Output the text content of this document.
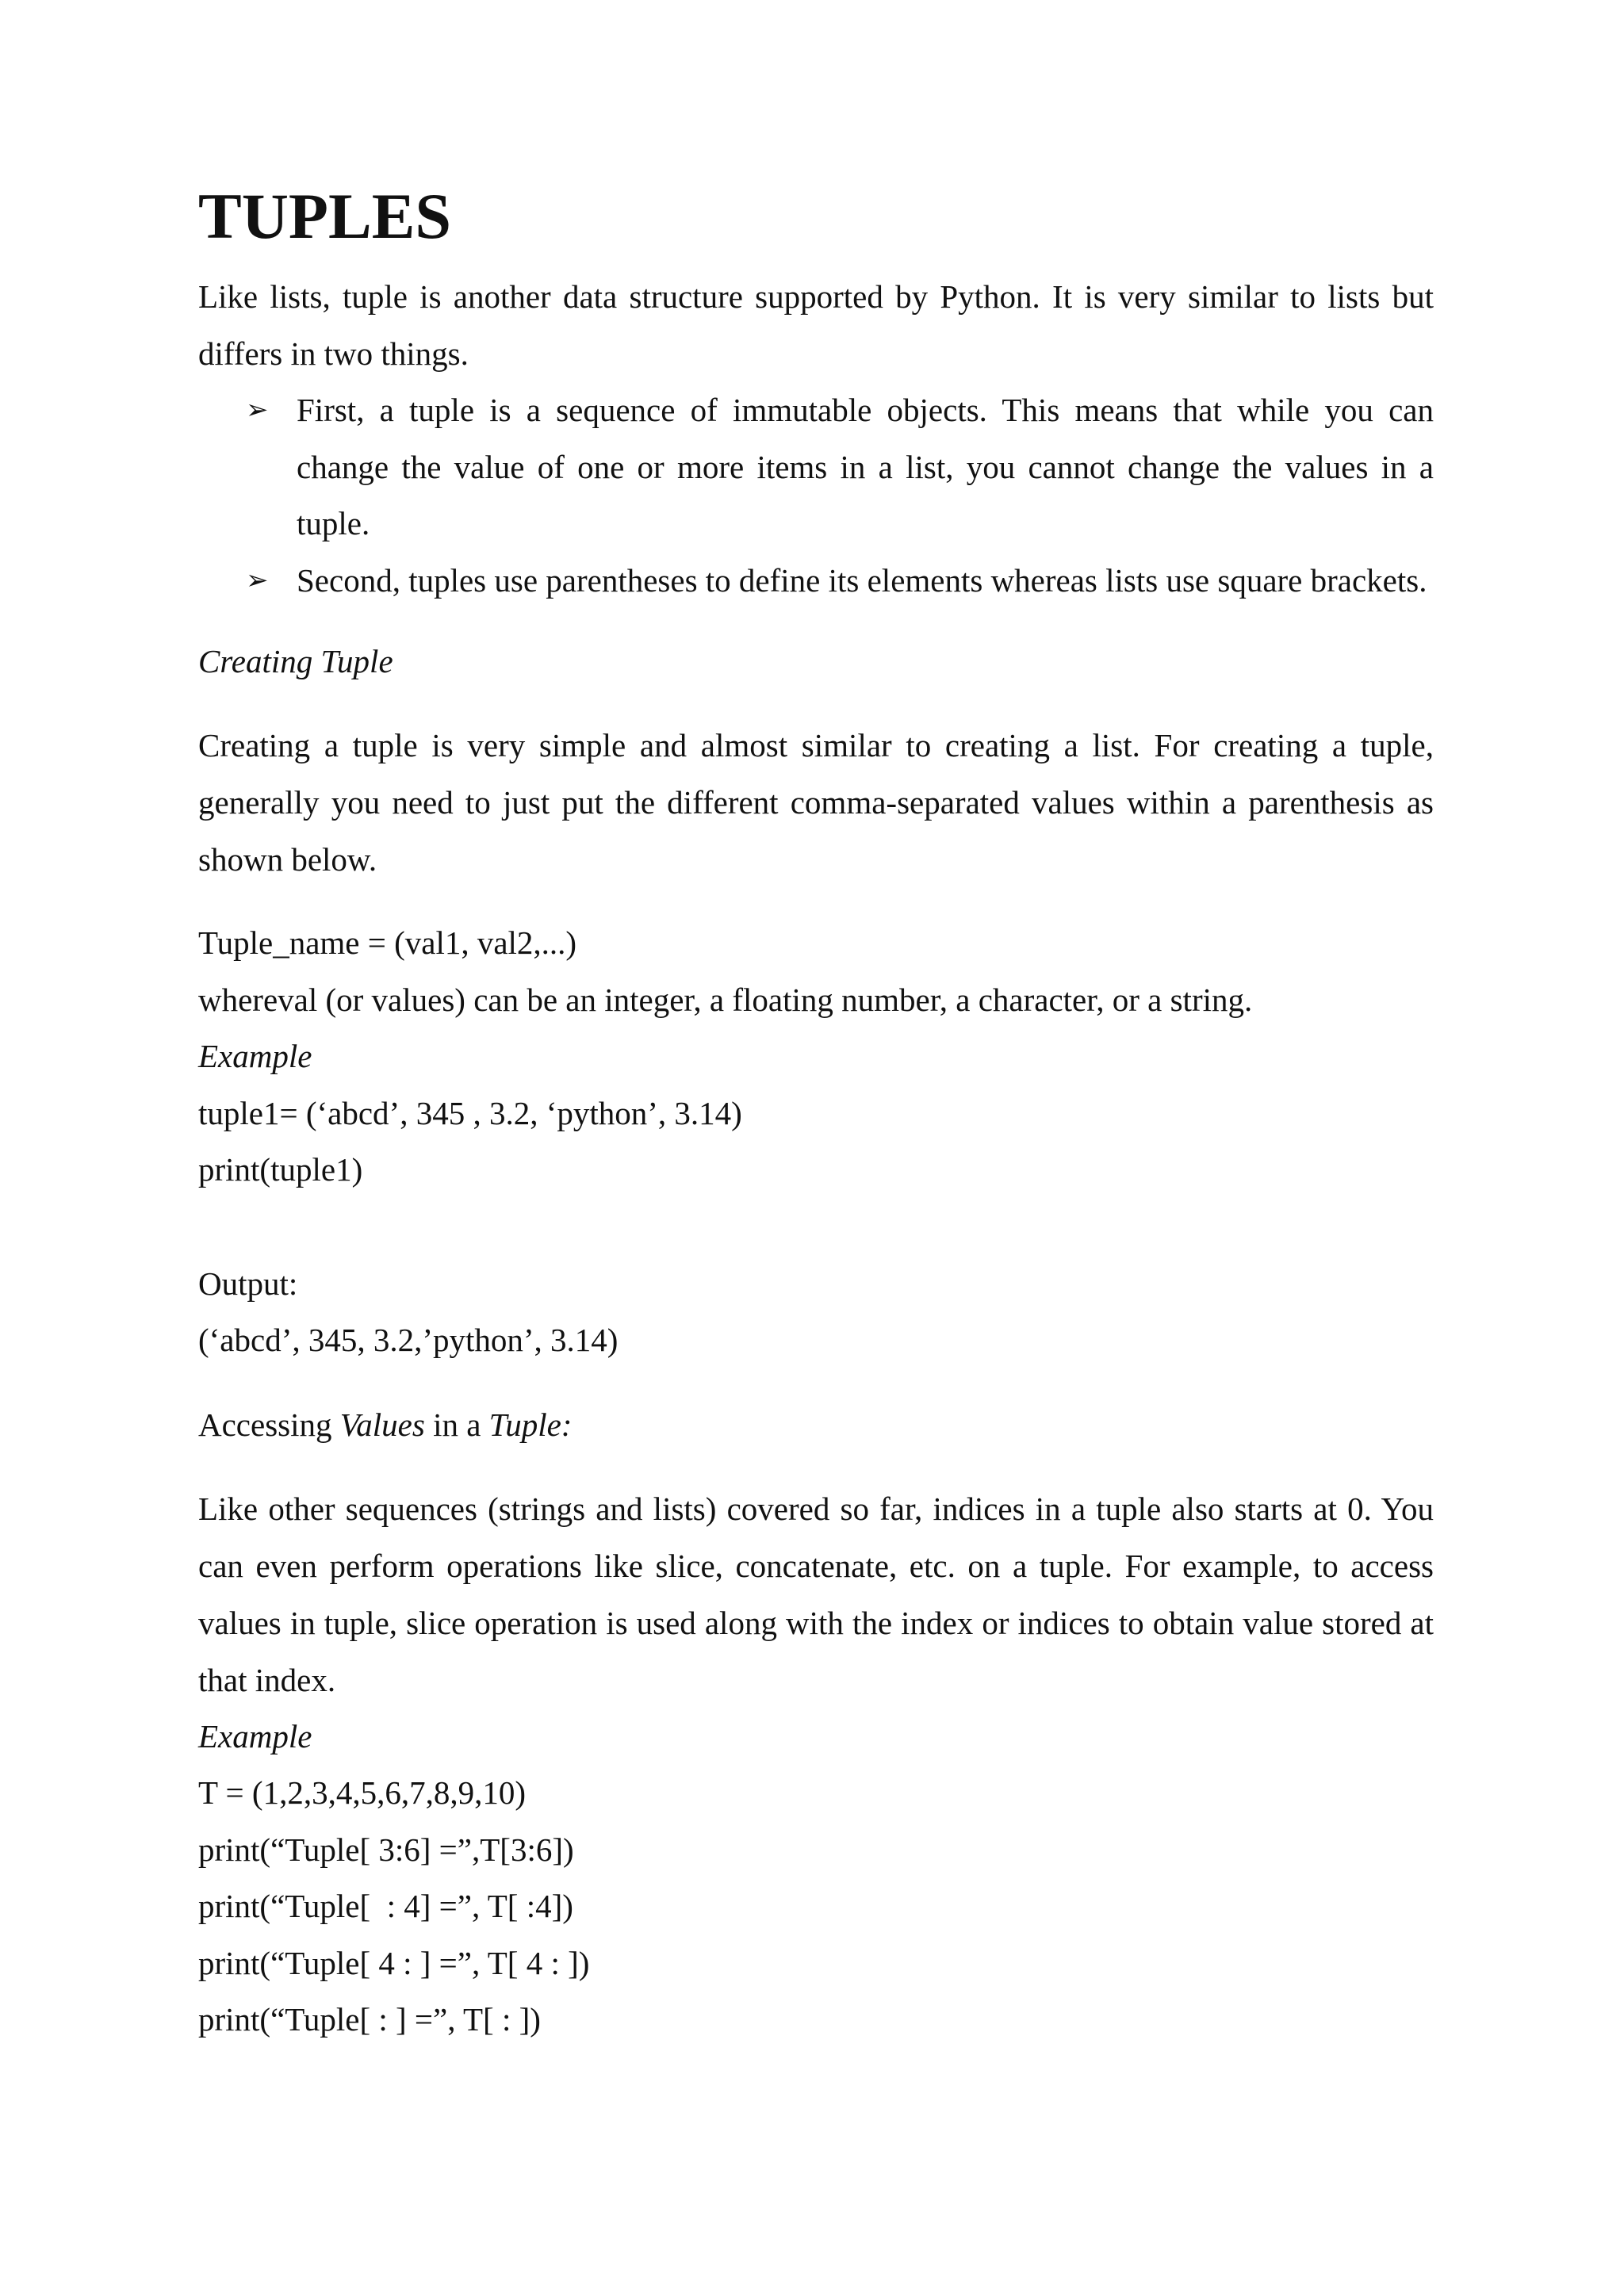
TUPLES

Like lists, tuple is another data structure supported by Python. It is very similar to lists but differs in two things.

➢ First, a tuple is a sequence of immutable objects. This means that while you can change the value of one or more items in a list, you cannot change the values in a tuple.
➢ Second, tuples use parentheses to define its elements whereas lists use square brackets.

Creating Tuple

Creating a tuple is very simple and almost similar to creating a list. For creating a tuple, generally you need to just put the different comma-separated values within a parenthesis as shown below.

Tuple_name = (val1, val2,...)

whereval (or values) can be an integer, a floating number, a character, or a string.

Example

tuple1= (‘abcd’, 345 , 3.2, ‘python’, 3.14)

print(tuple1)

Output:

(‘abcd’, 345, 3.2,’python’, 3.14)

Accessing Values in a Tuple:

Like other sequences (strings and lists) covered so far, indices in a tuple also starts at 0. You can even perform operations like slice, concatenate, etc. on a tuple. For example, to access values in tuple, slice operation is used along with the index or indices to obtain value stored at that index.

Example

T = (1,2,3,4,5,6,7,8,9,10)

print(“Tuple[ 3:6] =”,T[3:6])

print(“Tuple[  : 4] =”, T[ :4])

print(“Tuple[ 4 : ] =”, T[ 4 : ])

print(“Tuple[ : ] =”, T[ : ])
